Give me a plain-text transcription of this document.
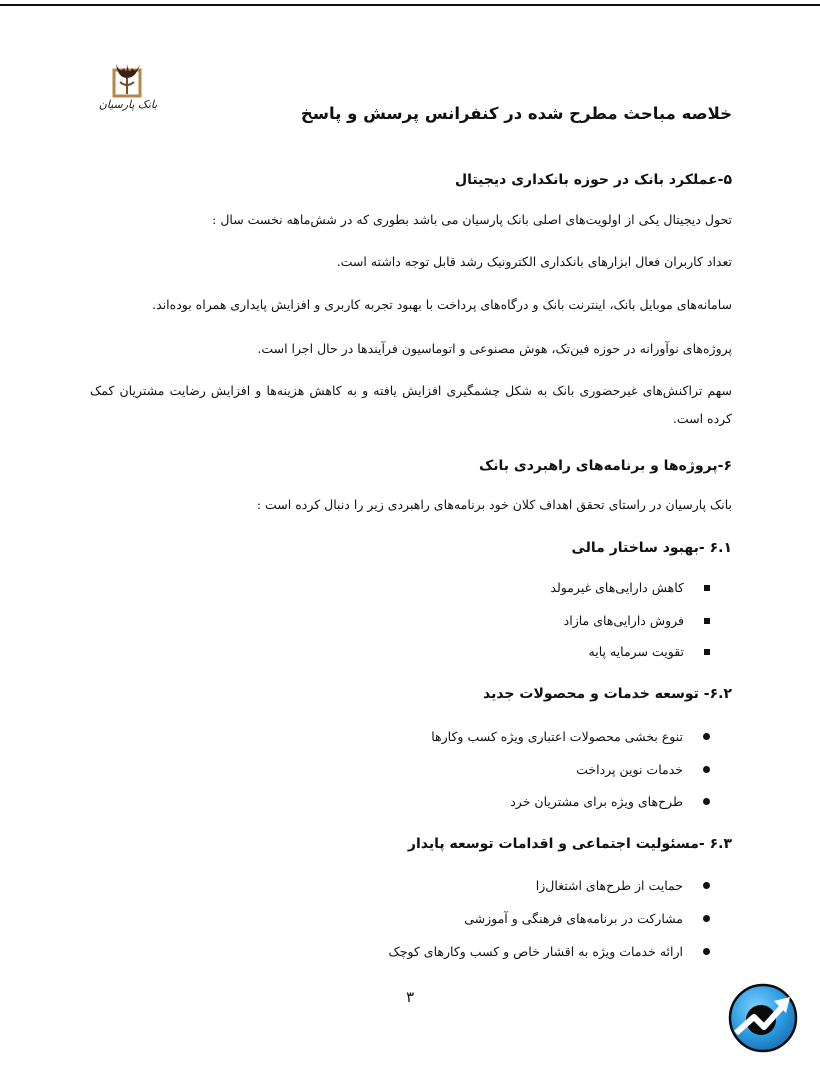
بانک پارسیان	خلاصه مباحث مطرح شده در کنفرانس پرسش و پاسخ
۵-عملکرد بانک در حوزه بانکداری دیجیتال
تحول دیجیتال یکی از اولویت‌های اصلی بانک پارسیان می باشد بطوری که در شش‌ماهه نخست سال :
تعداد کاربران فعال ابزارهای بانکداری الکترونیک رشد قابل توجه داشته است.
سامانه‌های موبایل بانک، اینترنت بانک و درگاه‌های پرداخت با بهبود تجربه کاربری و افزایش پایداری همراه بوده‌اند.
پروژه‌های نوآورانه در حوزه فین‌تک، هوش مصنوعی و اتوماسیون فرآیندها در حال اجرا است.
سهم تراکنش‌های غیرحضوری بانک به شکل چشمگیری افزایش یافته و به کاهش هزینه‌ها و افزایش رضایت مشتریان کمک کرده است.
۶-پروژه‌ها و برنامه‌های راهبردی بانک
بانک پارسیان در راستای تحقق اهداف کلان خود برنامه‌های راهبردی زیر را دنبال کرده است :
۶.۱ -بهبود ساختار مالی
کاهش دارایی‌های غیرمولد
فروش دارایی‌های مازاد
تقویت سرمایه پایه
۶.۲- توسعه خدمات و محصولات جدید
تنوع بخشی محصولات اعتباری ویژه کسب وکارها
خدمات نوین پرداخت
طرح‌های ویژه برای مشتریان خرد
۶.۳ -مسئولیت اجتماعی و اقدامات توسعه پایدار
حمایت از طرح‌های اشتغال‌زا
مشارکت در برنامه‌های فرهنگی و آموزشی
ارائه خدمات ویژه به اقشار خاص و کسب وکارهای کوچک
۳
